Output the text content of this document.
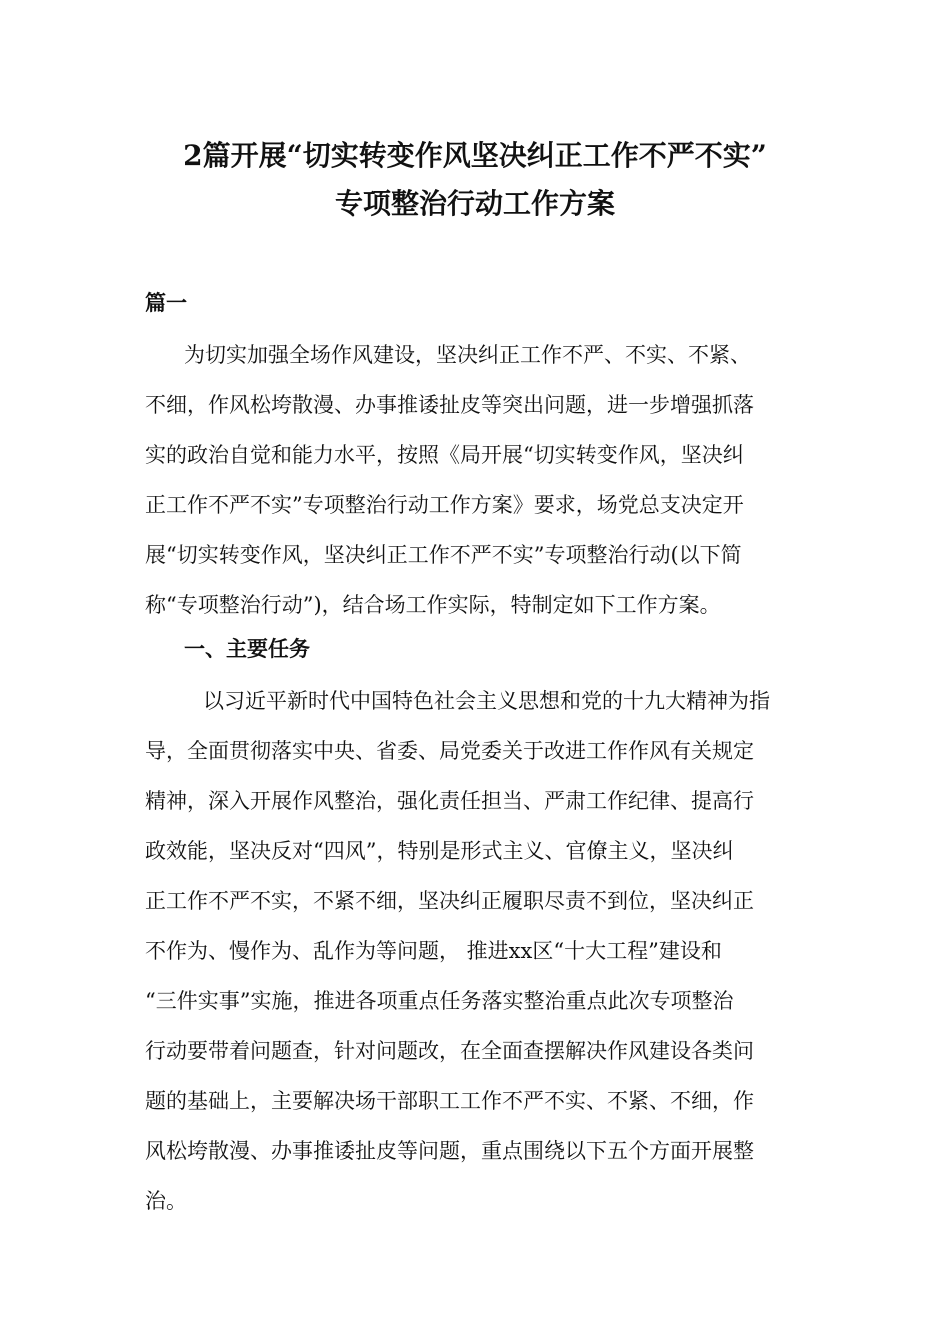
2篇开展“切实转变作风坚决纠正工作不严不实”
专项整治行动工作方案
篇一
为切实加强全场作风建设，坚决纠正工作不严、不实、不紧、
不细，作风松垮散漫、办事推诿扯皮等突出问题，进一步增强抓落
实的政治自觉和能力水平，按照《局开展“切实转变作风，坚决纠
正工作不严不实”专项整治行动工作方案》要求，场党总支决定开
展“切实转变作风，坚决纠正工作不严不实”专项整治行动(以下简
称“专项整治行动”)，结合场工作实际，特制定如下工作方案。
一、主要任务
以习近平新时代中国特色社会主义思想和党的十九大精神为指
导，全面贯彻落实中央、省委、局党委关于改进工作作风有关规定
精神，深入开展作风整治，强化责任担当、严肃工作纪律、提高行
政效能，坚决反对“四风”，特别是形式主义、官僚主义，坚决纠
正工作不严不实，不紧不细，坚决纠正履职尽责不到位，坚决纠正
不作为、慢作为、乱作为等问题， 推进xx区“十大工程”建设和
“三件实事”实施，推进各项重点任务落实整治重点此次专项整治
行动要带着问题查，针对问题改，在全面查摆解决作风建设各类问
题的基础上，主要解决场干部职工工作不严不实、不紧、不细，作
风松垮散漫、办事推诿扯皮等问题，重点围绕以下五个方面开展整
治。
